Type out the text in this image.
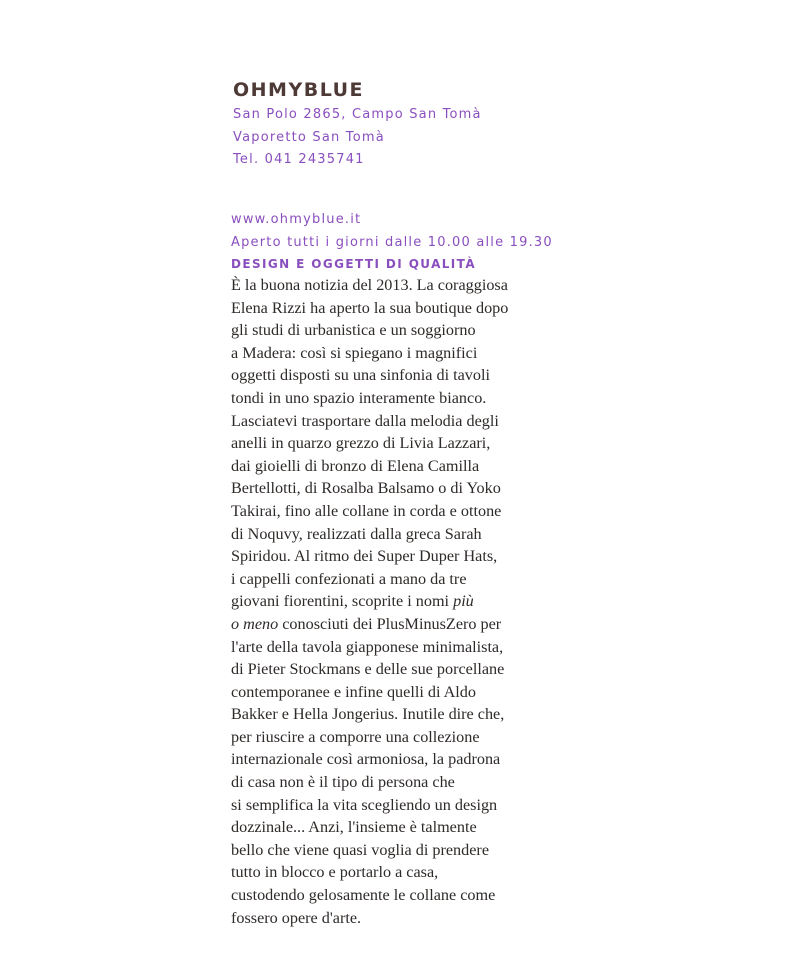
OHMYBLUE

San Polo 2865, Campo San Tomà

Vaporetto San Tomà

Tel. 041 2435741

www.ohmyblue.it

Aperto tutti i giorni dalle 10.00 alle 19.30

DESIGN E OGGETTI DI QUALITÀ

È la buona notizia del 2013. La coraggiosa

Elena Rizzi ha aperto la sua boutique dopo

gli studi di urbanistica e un soggiorno

a Madera: così si spiegano i magnifici

oggetti disposti su una sinfonia di tavoli

tondi in uno spazio interamente bianco.

Lasciatevi trasportare dalla melodia degli

anelli in quarzo grezzo di Livia Lazzari,

dai gioielli di bronzo di Elena Camilla

Bertellotti, di Rosalba Balsamo o di Yoko

Takirai, fino alle collane in corda e ottone

di Noquvy, realizzati dalla greca Sarah

Spiridou. Al ritmo dei Super Duper Hats,

i cappelli confezionati a mano da tre

giovani fiorentini, scoprite i nomi più

o meno conosciuti dei PlusMinusZero per

l'arte della tavola giapponese minimalista,

di Pieter Stockmans e delle sue porcellane

contemporanee e infine quelli di Aldo

Bakker e Hella Jongerius. Inutile dire che,

per riuscire a comporre una collezione

internazionale così armoniosa, la padrona

di casa non è il tipo di persona che

si semplifica la vita scegliendo un design

dozzinale... Anzi, l'insieme è talmente

bello che viene quasi voglia di prendere

tutto in blocco e portarlo a casa,

custodendo gelosamente le collane come

fossero opere d'arte.
